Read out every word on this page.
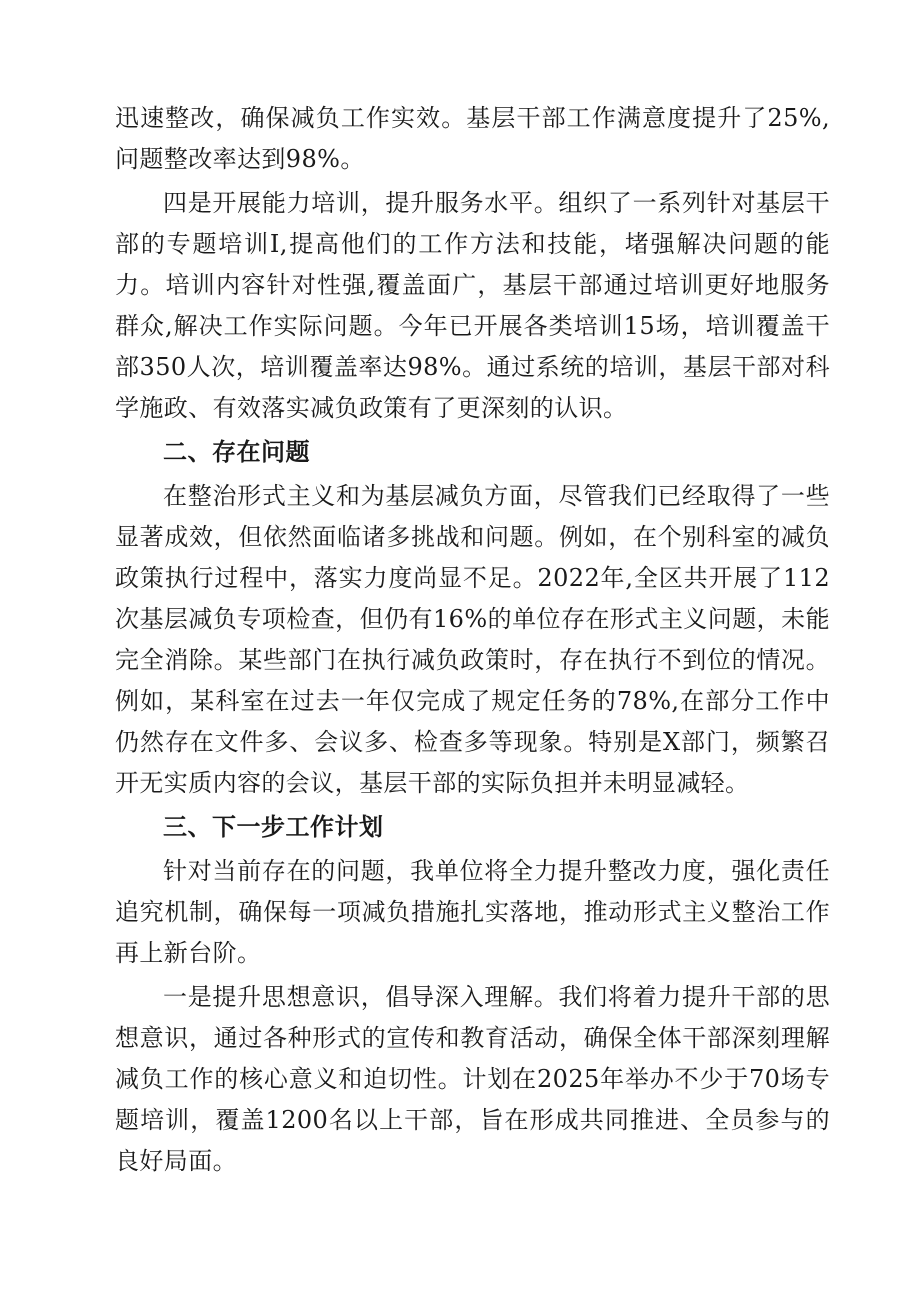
迅速整改，确保减负工作实效。基层干部工作满意度提升了25%,问题整改率达到98%。

四是开展能力培训，提升服务水平。组织了一系列针对基层干部的专题培训I,提高他们的工作方法和技能，堵强解决问题的能力。培训内容针对性强,覆盖面广，基层干部通过培训更好地服务群众,解决工作实际问题。今年已开展各类培训15场，培训覆盖干部350人次，培训覆盖率达98%。通过系统的培训，基层干部对科学施政、有效落实减负政策有了更深刻的认识。

二、存在问题

在整治形式主义和为基层减负方面，尽管我们已经取得了一些显著成效，但依然面临诸多挑战和问题。例如，在个别科室的减负政策执行过程中，落实力度尚显不足。2022年,全区共开展了112次基层减负专项检查，但仍有16%的单位存在形式主义问题，未能完全消除。某些部门在执行减负政策时，存在执行不到位的情况。例如，某科室在过去一年仅完成了规定任务的78%,在部分工作中仍然存在文件多、会议多、检查多等现象。特别是X部门，频繁召开无实质内容的会议，基层干部的实际负担并未明显减轻。

三、下一步工作计划

针对当前存在的问题，我单位将全力提升整改力度，强化责任追究机制，确保每一项减负措施扎实落地，推动形式主义整治工作再上新台阶。

一是提升思想意识，倡导深入理解。我们将着力提升干部的思想意识，通过各种形式的宣传和教育活动，确保全体干部深刻理解减负工作的核心意义和迫切性。计划在2025年举办不少于70场专题培训，覆盖1200名以上干部，旨在形成共同推进、全员参与的良好局面。
